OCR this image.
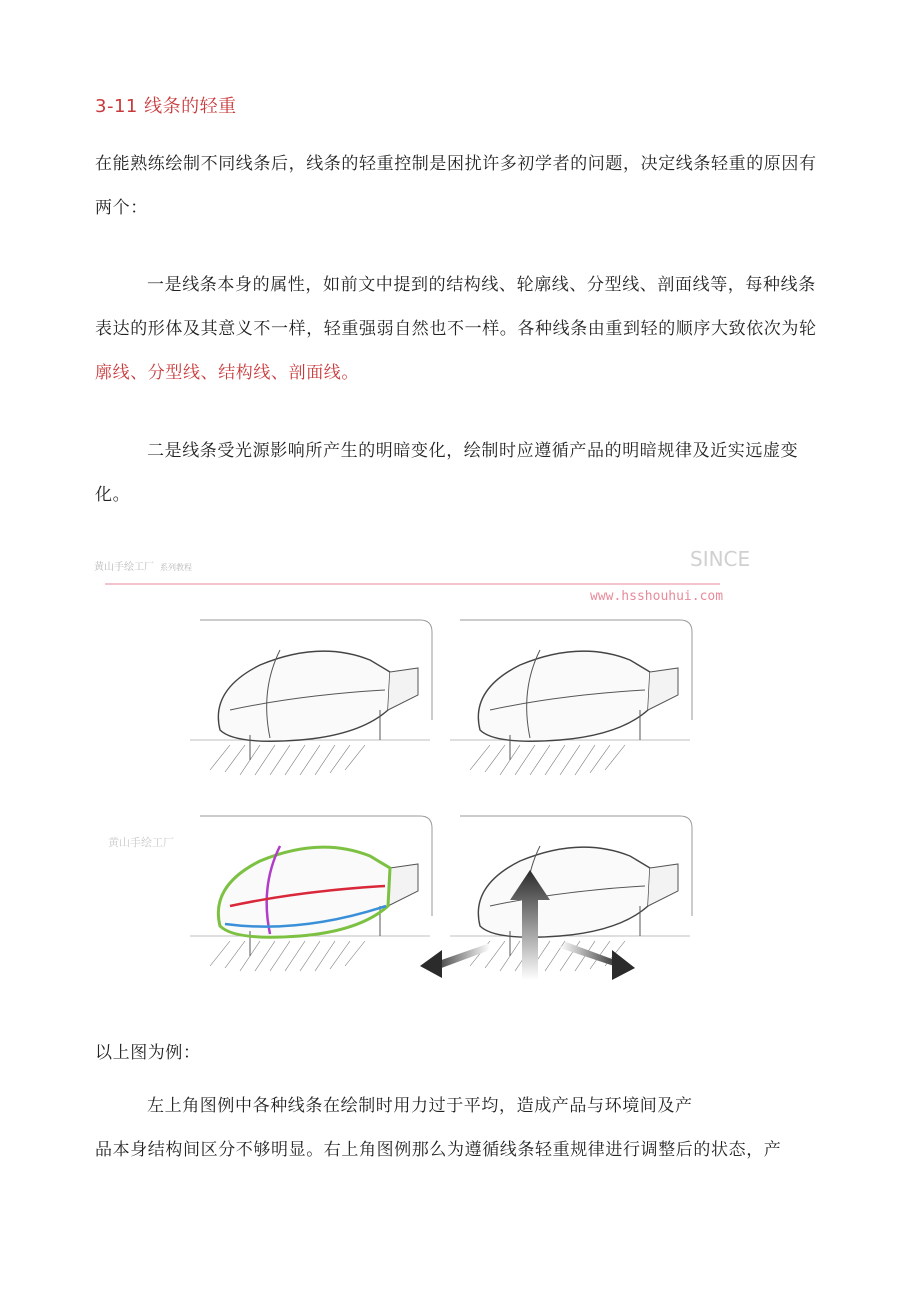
3-11 线条的轻重

在能熟练绘制不同线条后，线条的轻重控制是困扰许多初学者的问题，决定线条轻重的原因有两个：

一是线条本身的属性，如前文中提到的结构线、轮廓线、分型线、剖面线等，每种线条表达的形体及其意义不一样，轻重强弱自然也不一样。各种线条由重到轻的顺序大致依次为轮廓线、分型线、结构线、剖面线。

二是线条受光源影响所产生的明暗变化，绘制时应遵循产品的明暗规律及近实远虚变化。

黄山手绘工厂 系列教程	SINCE
www.hsshouhui.com
黄山手绘工厂

以上图为例：

左上角图例中各种线条在绘制时用力过于平均，造成产品与环境间及产

品本身结构间区分不够明显。右上角图例那么为遵循线条轻重规律进行调整后的状态，产
